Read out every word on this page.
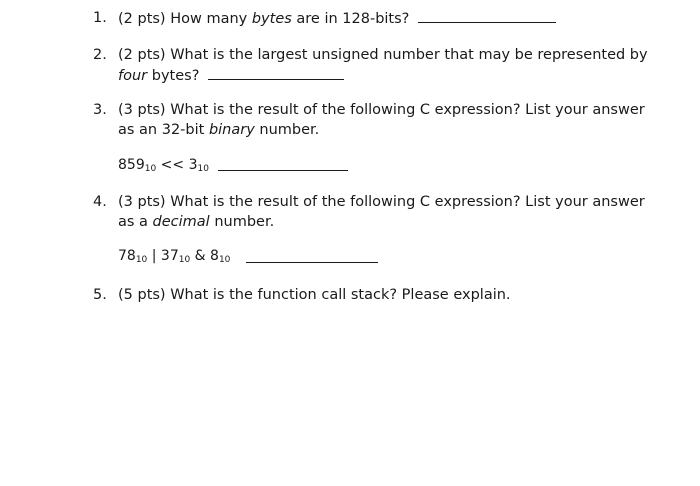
1. (2 pts) How many bytes are in 128-bits?
2. (2 pts) What is the largest unsigned number that may be represented by
four bytes?
3. (3 pts) What is the result of the following C expression? List your answer
as an 32-bit binary number.
$859_{10} << 3_{10}$
4. (3 pts) What is the result of the following C expression? List your answer
as a decimal number.
$78_{10}$ | $37_{10}$ & $8_{10}$
5. (5 pts) What is the function call stack? Please explain.
